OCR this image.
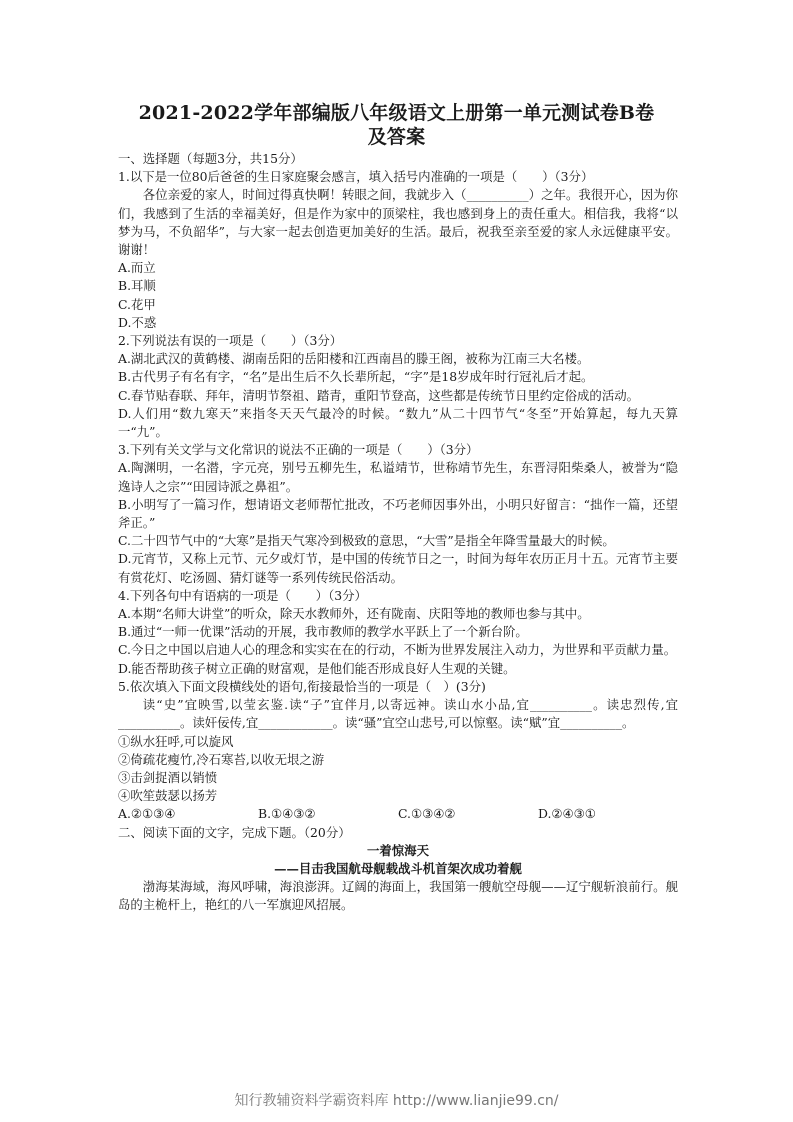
2021-2022学年部编版八年级语文上册第一单元测试卷B卷
及答案

一、选择题（每题3分，共15分）

1.以下是一位80后爸爸的生日家庭聚会感言，填入括号内准确的一项是（　　）（3分）

各位亲爱的家人，时间过得真快啊！转眼之间，我就步入（__________）之年。我很开心，因为你们，我感到了生活的幸福美好，但是作为家中的顶梁柱，我也感到身上的责任重大。相信我，我将“以梦为马，不负韶华”，与大家一起去创造更加美好的生活。最后，祝我至亲至爱的家人永远健康平安。谢谢！

A.而立

B.耳顺

C.花甲

D.不惑

2.下列说法有误的一项是（　　）（3分）

A.湖北武汉的黄鹤楼、湖南岳阳的岳阳楼和江西南昌的滕王阁，被称为江南三大名楼。

B.古代男子有名有字，“名”是出生后不久长辈所起，“字”是18岁成年时行冠礼后才起。

C.春节贴春联、拜年，清明节祭祖、踏青，重阳节登高，这些都是传统节日里约定俗成的活动。

D.人们用“数九寒天”来指冬天天气最冷的时候。“数九”从二十四节气“冬至”开始算起，每九天算一“九”。

3.下列有关文学与文化常识的说法不正确的一项是（　　）（3分）

A.陶渊明，一名潜，字元亮，别号五柳先生，私谥靖节，世称靖节先生，东晋浔阳柴桑人，被誉为“隐逸诗人之宗”“田园诗派之鼻祖”。

B.小明写了一篇习作，想请语文老师帮忙批改，不巧老师因事外出，小明只好留言：“拙作一篇，还望斧正。”

C.二十四节气中的“大寒”是指天气寒冷到极致的意思，“大雪”是指全年降雪量最大的时候。

D.元宵节，又称上元节、元夕或灯节，是中国的传统节日之一，时间为每年农历正月十五。元宵节主要有赏花灯、吃汤圆、猜灯谜等一系列传统民俗活动。

4.下列各句中有语病的一项是（　　）（3分）

A.本期“名师大讲堂”的听众，除天水教师外，还有陇南、庆阳等地的教师也参与其中。

B.通过“一师一优课”活动的开展，我市教师的教学水平跃上了一个新台阶。

C.今日之中国以启迪人心的理念和实实在在的行动，不断为世界发展注入动力，为世界和平贡献力量。

D.能否帮助孩子树立正确的财富观，是他们能否形成良好人生观的关键。

5.依次填入下面文段横线处的语句,衔接最恰当的一项是（　）(3分)

读“史”宜映雪,以莹玄鉴.读“子”宜伴月,以寄远神。读山水小品,宜__________。读忠烈传,宜__________。读奸佞传,宜____________。读“骚”宜空山悲号,可以惊壑。读“赋”宜__________。

①纵水狂呼,可以旋风

②倚疏花瘦竹,冷石寒苔,以收无垠之游

③击剑捉酒以销愤

④吹笙鼓瑟以扬芳

A.②①③④	B.①④③②	C.①③④②	D.②④③①

二、阅读下面的文字，完成下题。（20分）

一着惊海天

——目击我国航母舰载战斗机首架次成功着舰

渤海某海域，海风呼啸，海浪澎湃。辽阔的海面上，我国第一艘航空母舰——辽宁舰斩浪前行。舰岛的主桅杆上，艳红的八一军旗迎风招展。

知行教辅资料学霸资料库 http://www.lianjie99.cn/
